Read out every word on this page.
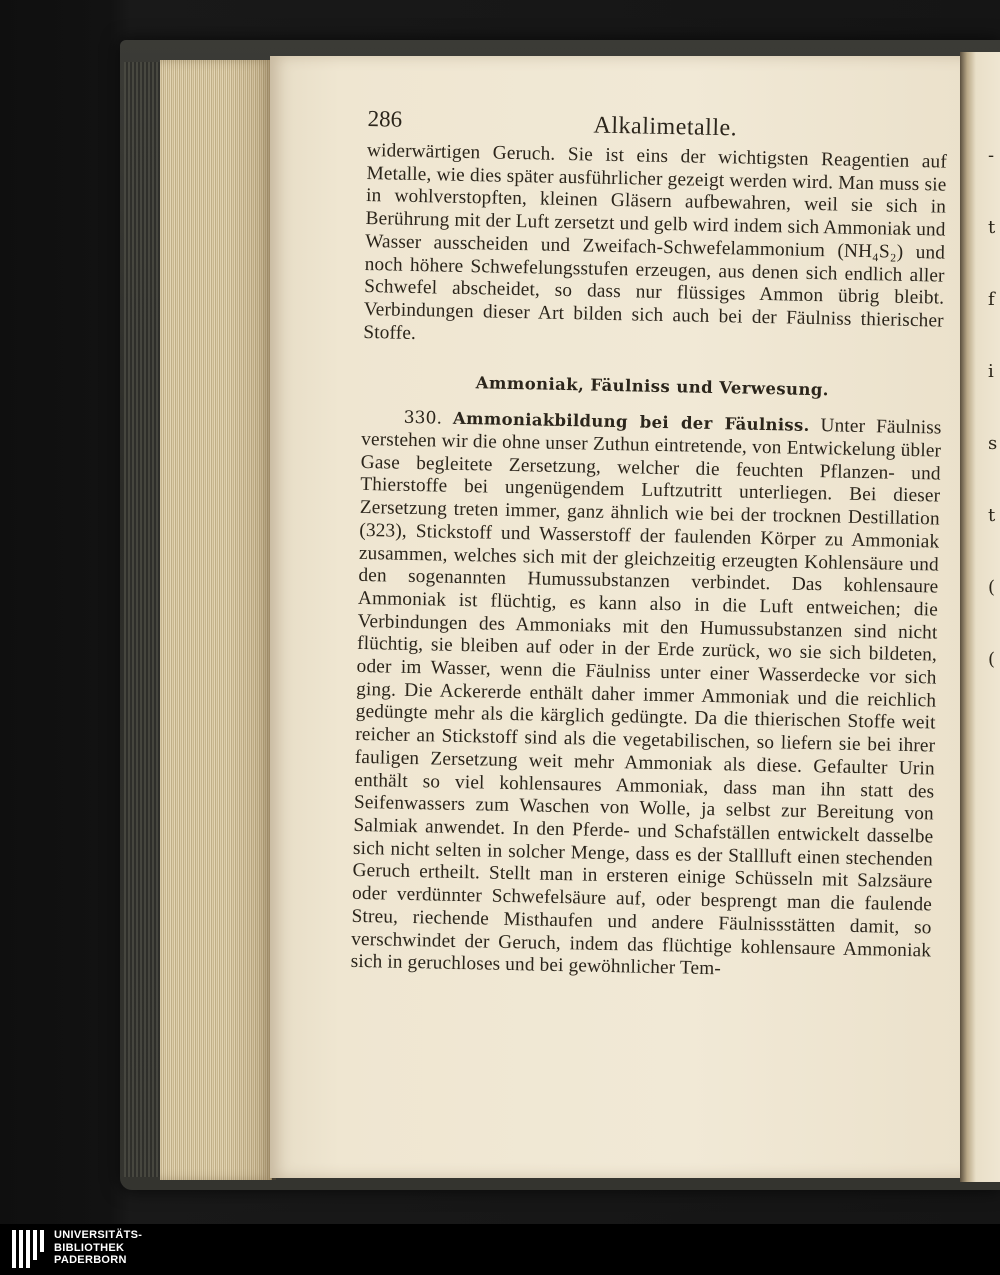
-
t
f
i
s
t
(
(
286	Alkalimetalle.

widerwärtigen Geruch. Sie ist eins der wichtigsten Reagentien auf Metalle, wie dies später ausführlicher gezeigt werden wird. Man muss sie in wohlverstopften, kleinen Gläsern aufbewahren, weil sie sich in Berührung mit der Luft zersetzt und gelb wird indem sich Ammoniak und Wasser ausscheiden und Zweifach-Schwefelammonium (NH₄S₂) und noch höhere Schwefelungsstufen erzeugen, aus denen sich endlich aller Schwefel abscheidet, so dass nur flüssiges Ammon übrig bleibt. Verbindungen dieser Art bilden sich auch bei der Fäulniss thierischer Stoffe.

Ammoniak, Fäulniss und Verwesung.

330. Ammoniakbildung bei der Fäulniss. Unter Fäulniss verstehen wir die ohne unser Zuthun eintretende, von Entwickelung übler Gase begleitete Zersetzung, welcher die feuchten Pflanzen- und Thierstoffe bei ungenügendem Luftzutritt unterliegen. Bei dieser Zersetzung treten immer, ganz ähnlich wie bei der trocknen Destillation (323), Stickstoff und Wasserstoff der faulenden Körper zu Ammoniak zusammen, welches sich mit der gleichzeitig erzeugten Kohlensäure und den sogenannten Humussubstanzen verbindet. Das kohlensaure Ammoniak ist flüchtig, es kann also in die Luft entweichen; die Verbindungen des Ammoniaks mit den Humussubstanzen sind nicht flüchtig, sie bleiben auf oder in der Erde zurück, wo sie sich bildeten, oder im Wasser, wenn die Fäulniss unter einer Wasserdecke vor sich ging. Die Ackererde enthält daher immer Ammoniak und die reichlich gedüngte mehr als die kärglich gedüngte. Da die thierischen Stoffe weit reicher an Stickstoff sind als die vegetabilischen, so liefern sie bei ihrer fauligen Zersetzung weit mehr Ammoniak als diese. Gefaulter Urin enthält so viel kohlensaures Ammoniak, dass man ihn statt des Seifenwassers zum Waschen von Wolle, ja selbst zur Bereitung von Salmiak anwendet. In den Pferde- und Schafställen entwickelt dasselbe sich nicht selten in solcher Menge, dass es der Stallluft einen stechenden Geruch ertheilt. Stellt man in ersteren einige Schüsseln mit Salzsäure oder verdünnter Schwefelsäure auf, oder besprengt man die faulende Streu, riechende Misthaufen und andere Fäulnissstätten damit, so verschwindet der Geruch, indem das flüchtige kohlensaure Ammoniak sich in geruchloses und bei gewöhnlicher Tem-

UNIVERSITÄTS-
BIBLIOTHEK
PADERBORN
